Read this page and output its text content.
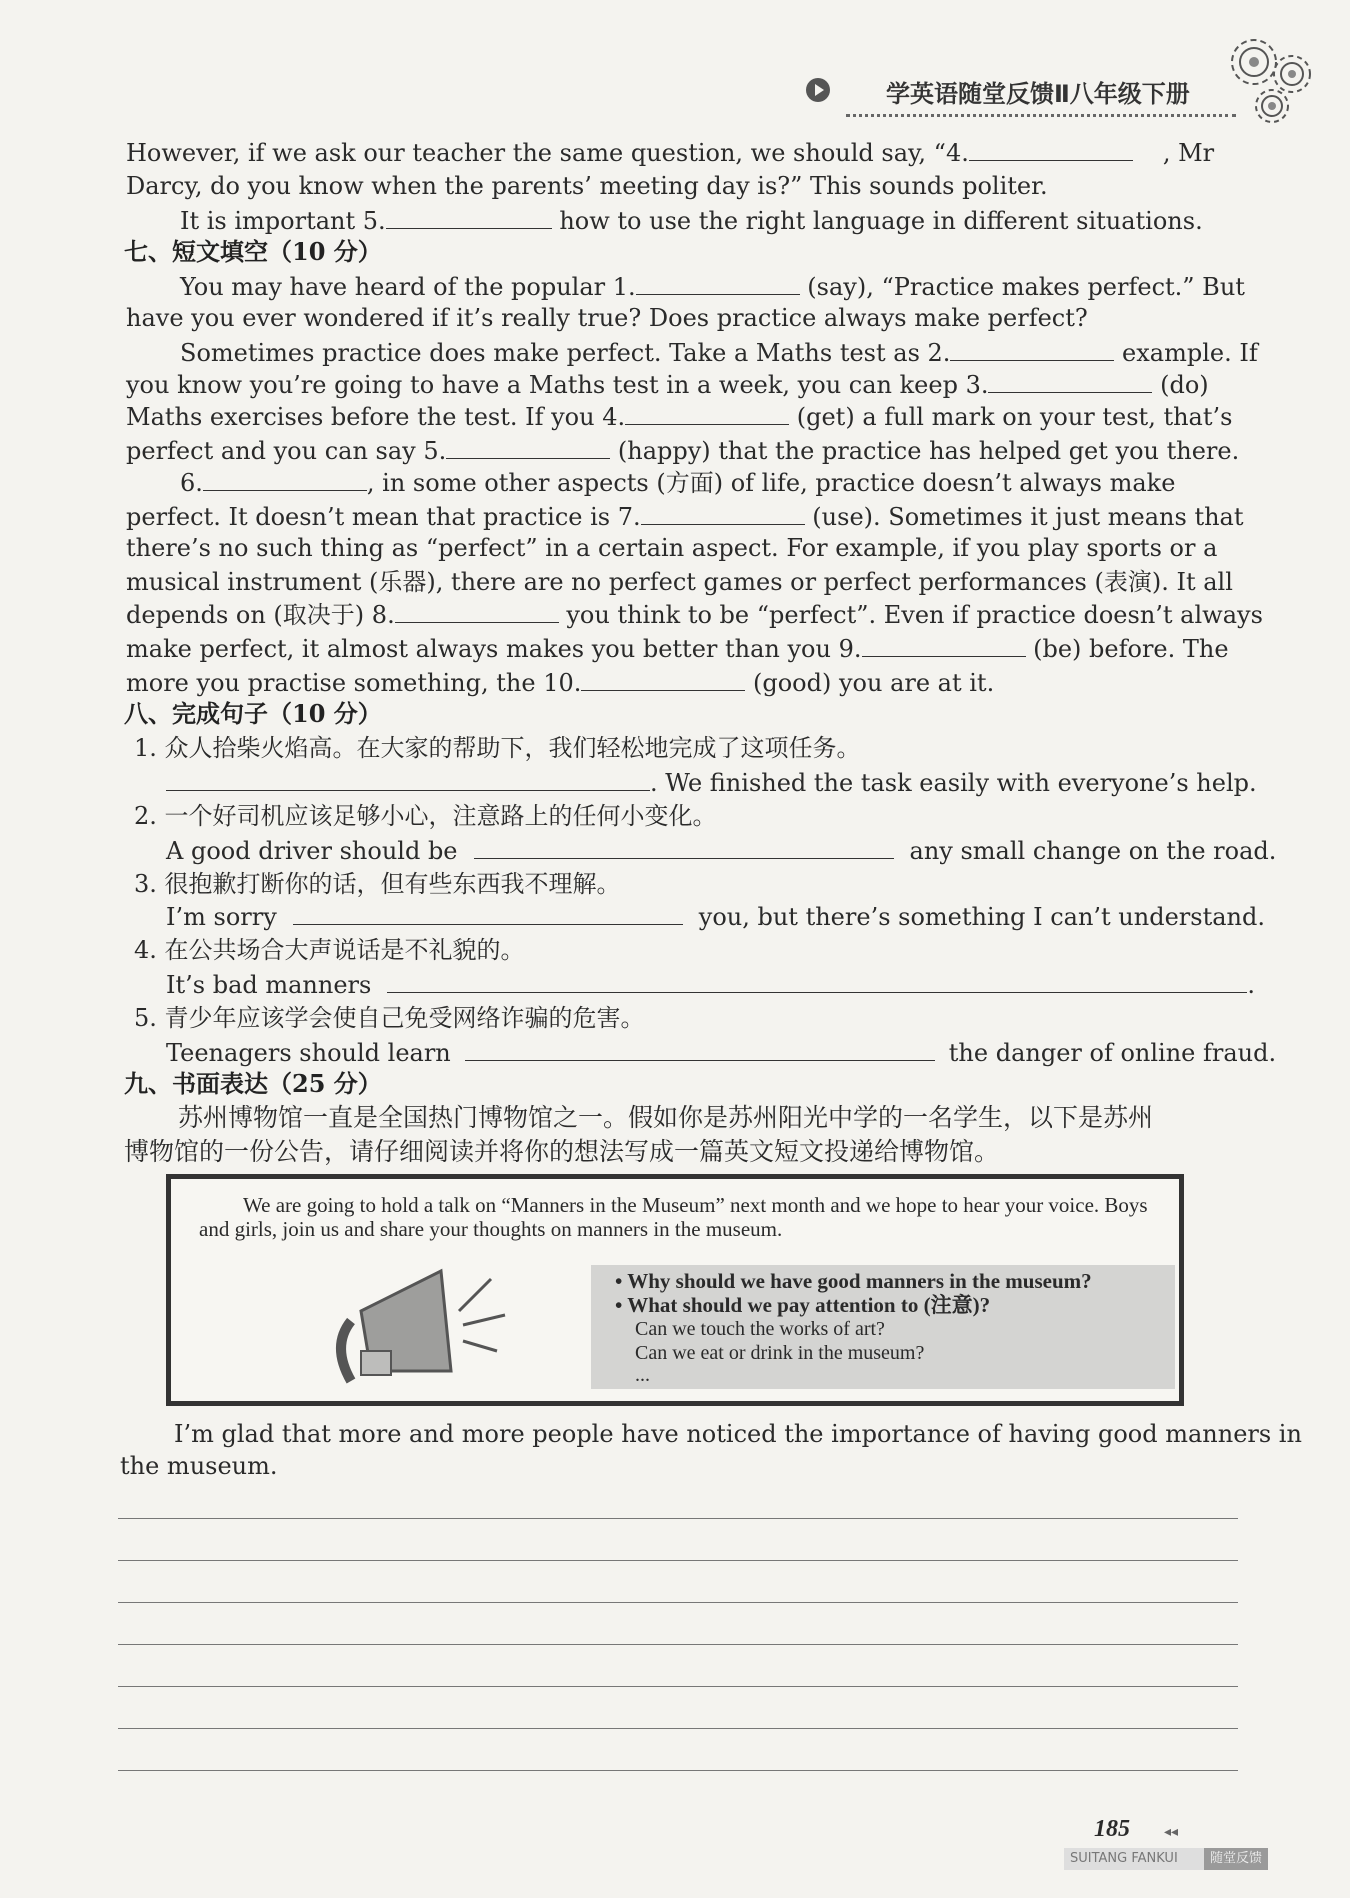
学英语随堂反馈Ⅱ八年级下册
However, if we ask our teacher the same question, we should say, “4.	, Mr
Darcy, do you know when the parents’ meeting day is?” This sounds politer.
It is important 5.	how to use the right language in different situations.
七、短文填空（10 分）
You may have heard of the popular 1.	(say), “Practice makes perfect.” But
have you ever wondered if it’s really true? Does practice always make perfect?
Sometimes practice does make perfect. Take a Maths test as 2.	example. If
you know you’re going to have a Maths test in a week, you can keep 3.	(do)
Maths exercises before the test. If you 4.	(get) a full mark on your test, that’s
perfect and you can say 5.	(happy) that the practice has helped get you there.
6.	, in some other aspects (方面) of life, practice doesn’t always make
perfect. It doesn’t mean that practice is 7.	(use). Sometimes it just means that
there’s no such thing as “perfect” in a certain aspect. For example, if you play sports or a
musical instrument (乐器), there are no perfect games or perfect performances (表演). It all
depends on (取决于) 8.	you think to be “perfect”. Even if practice doesn’t always
make perfect, it almost always makes you better than you 9.	(be) before. The
more you practise something, the 10.	(good) you are at it.
八、完成句子（10 分）
1. 众人拾柴火焰高。在大家的帮助下，我们轻松地完成了这项任务。
. We finished the task easily with everyone’s help.
2. 一个好司机应该足够小心，注意路上的任何小变化。
A good driver should be	any small change on the road.
3. 很抱歉打断你的话，但有些东西我不理解。
I’m sorry	you, but there’s something I can’t understand.
4. 在公共场合大声说话是不礼貌的。
It’s bad manners	.
5. 青少年应该学会使自己免受网络诈骗的危害。
Teenagers should learn	the danger of online fraud.
九、书面表达（25 分）
苏州博物馆一直是全国热门博物馆之一。假如你是苏州阳光中学的一名学生，以下是苏州
博物馆的一份公告，请仔细阅读并将你的想法写成一篇英文短文投递给博物馆。
We are going to hold a talk on “Manners in the Museum” next month and we hope to hear your voice. Boys and girls, join us and share your thoughts on manners in the museum.
• Why should we have good manners in the museum?
• What should we pay attention to (注意)?
Can we touch the works of art?
Can we eat or drink in the museum?
...
I’m glad that more and more people have noticed the importance of having good manners in
the museum.
185 ◂◂
SUITANG FANKUI	随堂反馈
